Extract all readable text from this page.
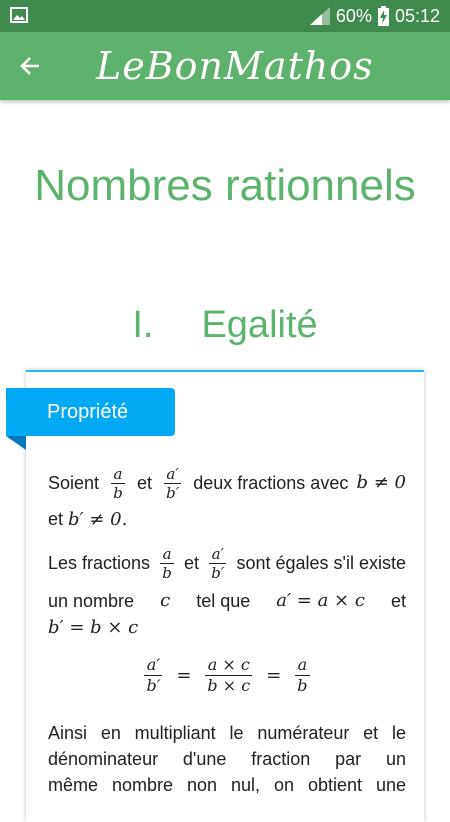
60% 05:12
LeBonMathos
Nombres rationnels
I. Egalité
Propriété
Soient $\frac{a}{b}$ et $\frac{a'}{b'}$ deux fractions avec b ≠ 0
et b′ ≠ 0.
Les fractions $\frac{a}{b}$ et $\frac{a'}{b'}$ sont égales s'il existe
un nombre c tel que a′ = a × c et
b′ = b × c
$\frac{a'}{b'} = \frac{a \times c}{b \times c} = \frac{a}{b}$
Ainsi en multipliant le numérateur et le
dénominateur d'une fraction par un
même nombre non nul, on obtient une
